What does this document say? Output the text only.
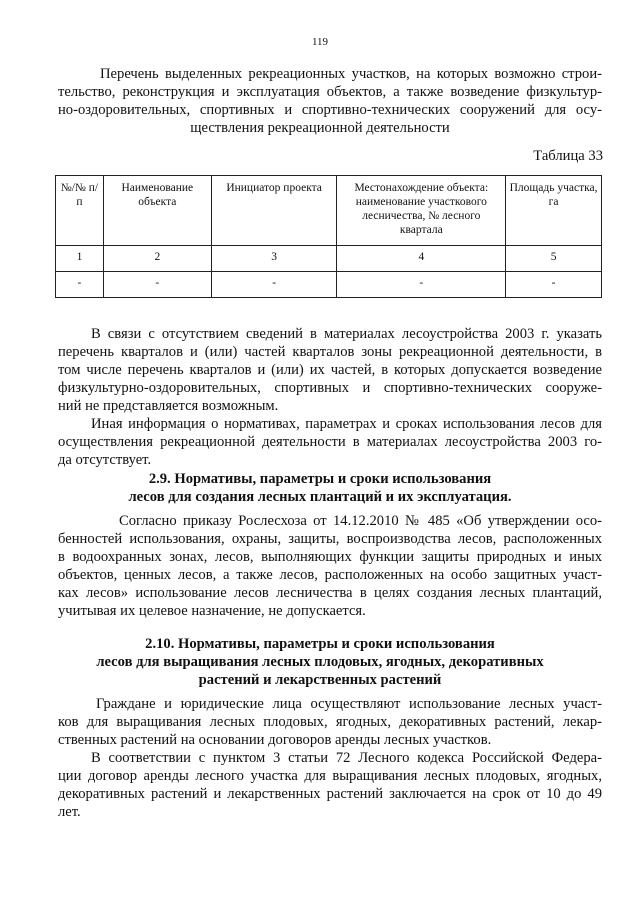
119
Перечень выделенных рекреационных участков, на которых возможно строи-
тельство, реконструкция и эксплуатация объектов, а также возведение физкультур-
но-оздоровительных, спортивных и спортивно-технических сооружений для осу-
ществления рекреационной деятельности
Таблица 33
№/№ п/п	Наименование объекта	Инициатор проекта	Местонахождение объекта: наименование участкового лесничества, № лесного квартала	Площадь участка, га
1	2	3	4	5
-	-	-	-	-
В связи с отсутствием сведений в материалах лесоустройства 2003 г. указать
перечень кварталов и (или) частей кварталов зоны рекреационной деятельности, в
том числе перечень кварталов и (или) их частей, в которых допускается возведение
физкультурно-оздоровительных, спортивных и спортивно-технических сооруже-
ний не представляется возможным.
Иная информация о нормативах, параметрах и сроках использования лесов для
осуществления рекреационной деятельности в материалах лесоустройства 2003 го-
да отсутствует.
2.9. Нормативы, параметры и сроки использования
лесов для создания лесных плантаций и их эксплуатация.
Согласно приказу Рослесхоза от 14.12.2010 № 485 «Об утверждении осо-
бенностей использования, охраны, защиты, воспроизводства лесов, расположенных
в водоохранных зонах, лесов, выполняющих функции защиты природных и иных
объектов, ценных лесов, а также лесов, расположенных на особо защитных участ-
ках лесов» использование лесов лесничества в целях создания лесных плантаций,
учитывая их целевое назначение, не допускается.
2.10. Нормативы, параметры и сроки использования
лесов для выращивания лесных плодовых, ягодных, декоративных
растений и лекарственных растений
Граждане и юридические лица осуществляют использование лесных участ-
ков для выращивания лесных плодовых, ягодных, декоративных растений, лекар-
ственных растений на основании договоров аренды лесных участков.
В соответствии с пунктом 3 статьи 72 Лесного кодекса Российской Федера-
ции договор аренды лесного участка для выращивания лесных плодовых, ягодных,
декоративных растений и лекарственных растений заключается на срок от 10 до 49
лет.
